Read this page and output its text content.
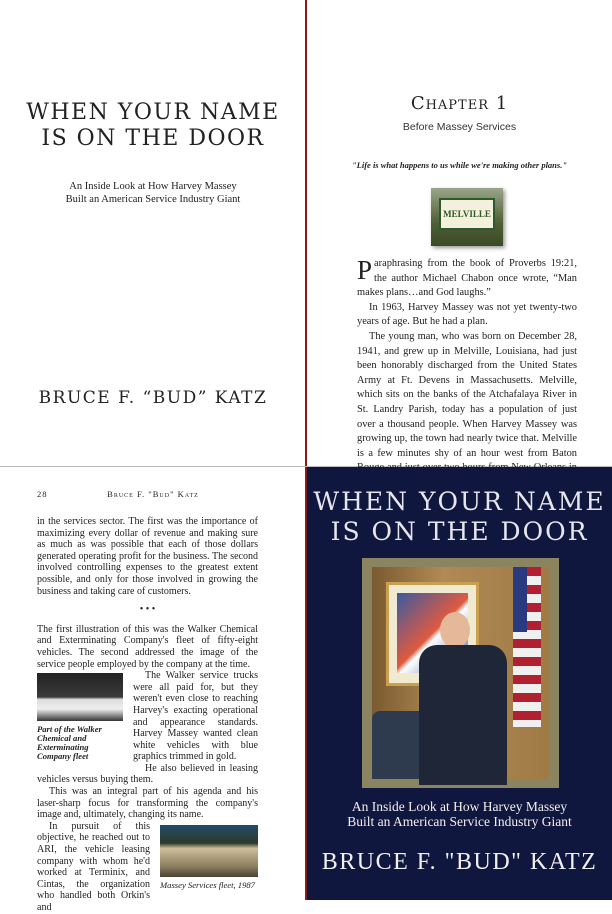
WHEN YOUR NAME
IS ON THE DOOR
An Inside Look at How Harvey Massey
Built an American Service Industry Giant
BRUCE F. “BUD” KATZ
Chapter 1
Before Massey Services
"Life is what happens to us while we're making other plans."
MELVILLE

Paraphrasing from the book of Proverbs 19:21, the author Michael Chabon once wrote, “Man makes plans…and God laughs.”

In 1963, Harvey Massey was not yet twenty-two years of age. But he had a plan.

The young man, who was born on December 28, 1941, and grew up in Melville, Louisiana, had just been honorably discharged from the United States Army at Ft. Devens in Massachusetts. Melville, which sits on the banks of the Atchafalaya River in St. Landry Parish, today has a population of just over a thousand people. When Harvey Massey was growing up, the town had nearly twice that. Melville is a few minutes shy of an hour west from Baton

28	Bruce F. "Bud" Katz

in the services sector. The first was the importance of maximizing every dollar of revenue and making sure as much as was possible that each of those dollars generated operating profit for the business. The second involved controlling expenses to the greatest extent possible, and only for those involved in growing the business and taking care of customers.

• • •

The first illustration of this was the Walker Chemical and Exterminating Company's fleet of fifty-eight vehicles. The second addressed the image of the service people employed by the company at the time.

Part of the Walker Chemical and Exterminating Company fleet

The Walker service trucks were all paid for, but they weren't even close to reaching Harvey's exacting operational and appearance standards. Harvey Massey wanted clean white vehicles with blue graphics trimmed in gold.

He also believed in leasing vehicles versus buying them.

This was an integral part of his agenda and his laser-sharp focus for transforming the company's image and, ultimately, changing its name.

Massey Services fleet, 1987

In pursuit of this objective, he reached out to ARI, the vehicle leasing company with whom he'd worked at Terminix, and Cintas, the organization who handled both Orkin's and

WHEN YOUR NAME
IS ON THE DOOR
An Inside Look at How Harvey Massey
Built an American Service Industry Giant
BRUCE F. "BUD" KATZ
